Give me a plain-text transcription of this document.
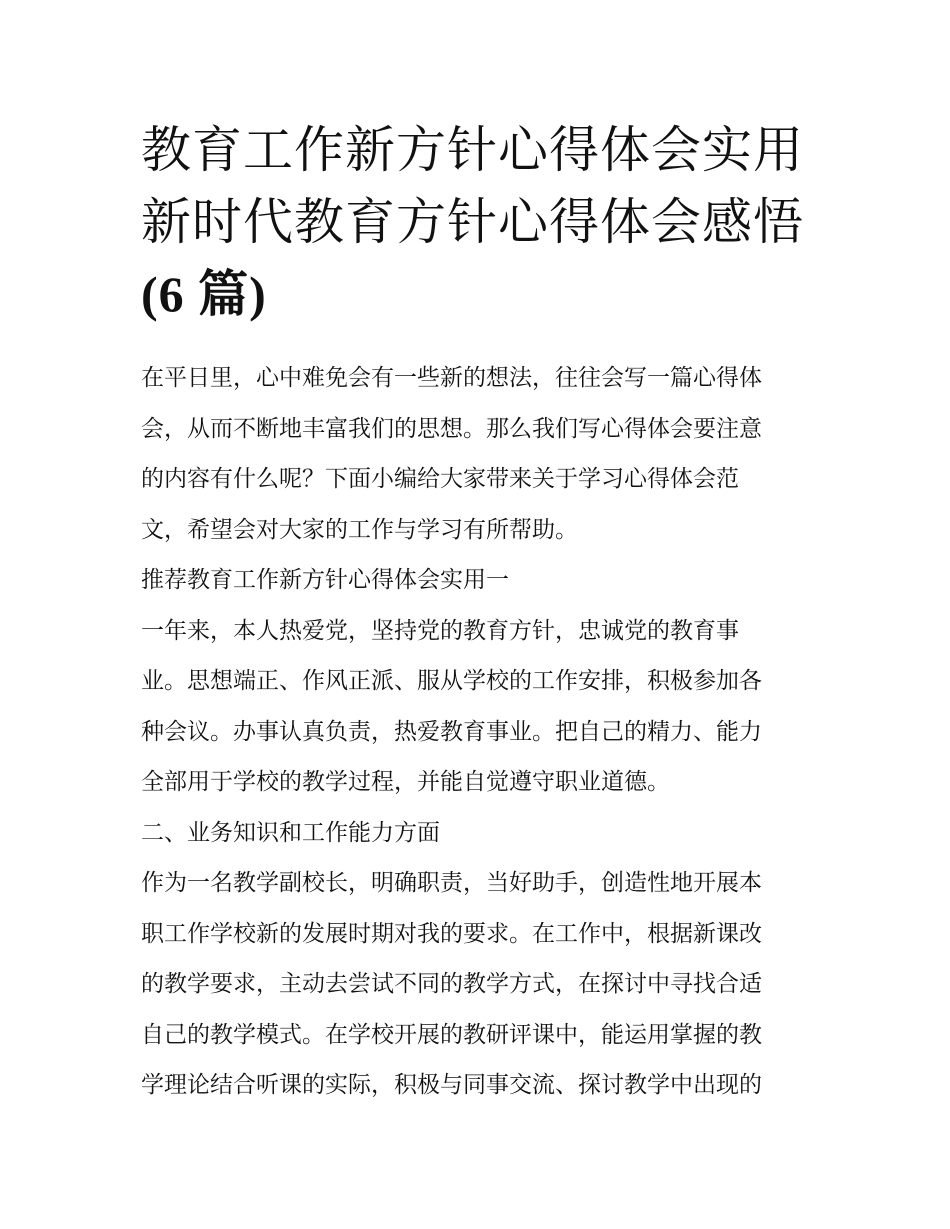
教育工作新方针心得体会实用
新时代教育方针心得体会感悟
(6 篇)
在平日里，心中难免会有一些新的想法，往往会写一篇心得体
会，从而不断地丰富我们的思想。那么我们写心得体会要注意
的内容有什么呢？下面小编给大家带来关于学习心得体会范
文，希望会对大家的工作与学习有所帮助。
推荐教育工作新方针心得体会实用一
一年来，本人热爱党，坚持党的教育方针，忠诚党的教育事
业。思想端正、作风正派、服从学校的工作安排，积极参加各
种会议。办事认真负责，热爱教育事业。把自己的精力、能力
全部用于学校的教学过程，并能自觉遵守职业道德。
二、业务知识和工作能力方面
作为一名教学副校长，明确职责，当好助手，创造性地开展本
职工作学校新的发展时期对我的要求。在工作中，根据新课改
的教学要求，主动去尝试不同的教学方式，在探讨中寻找合适
自己的教学模式。在学校开展的教研评课中，能运用掌握的教
学理论结合听课的实际，积极与同事交流、探讨教学中出现的
